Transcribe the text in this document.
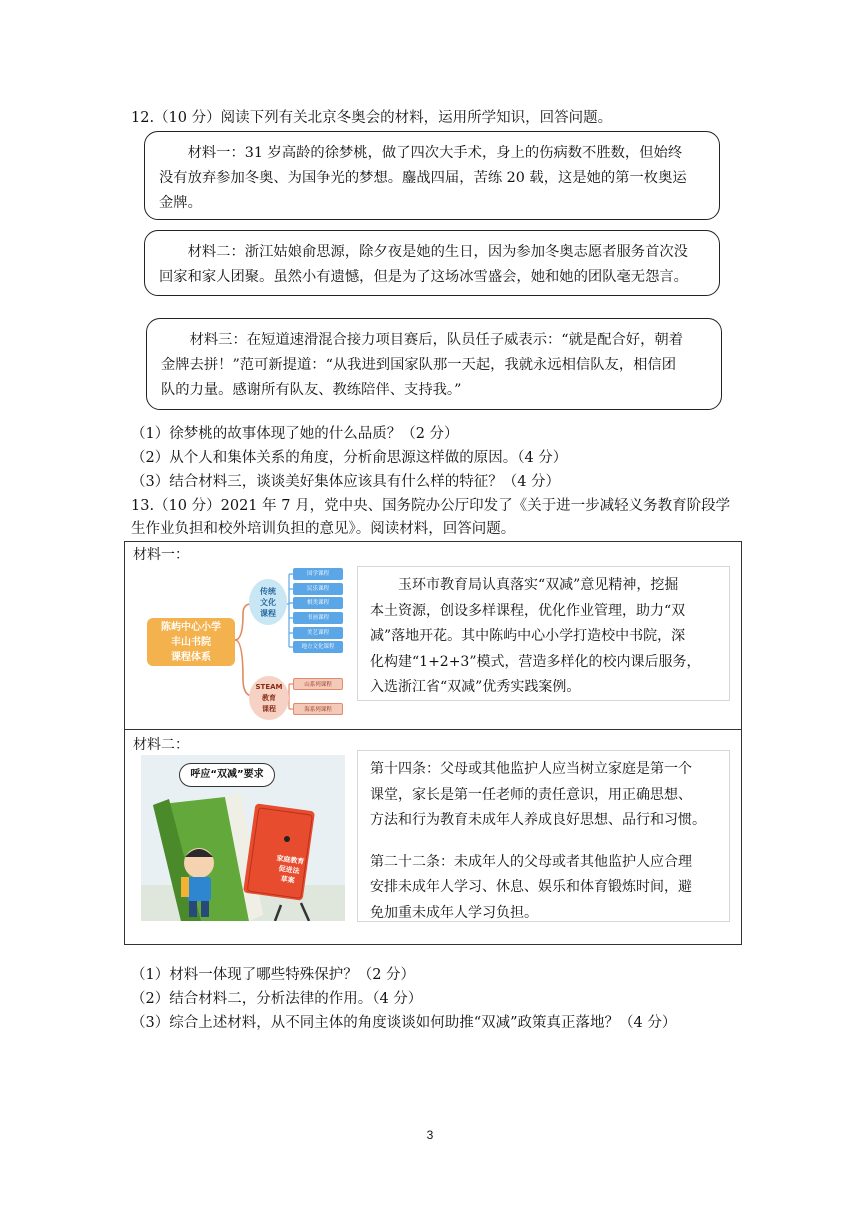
12.（10 分）阅读下列有关北京冬奥会的材料，运用所学知识，回答问题。

材料一：31 岁高龄的徐梦桃，做了四次大手术，身上的伤病数不胜数，但始终

没有放弃参加冬奥、为国争光的梦想。鏖战四届，苦练 20 载，这是她的第一枚奥运

金牌。

材料二：浙江姑娘俞思源，除夕夜是她的生日，因为参加冬奥志愿者服务首次没

回家和家人团聚。虽然小有遗憾，但是为了这场冰雪盛会，她和她的团队毫无怨言。

材料三：在短道速滑混合接力项目赛后，队员任子威表示：“就是配合好，朝着

金牌去拼！”范可新提道：“从我进到国家队那一天起，我就永远相信队友，相信团

队的力量。感谢所有队友、教练陪伴、支持我。”

（1）徐梦桃的故事体现了她的什么品质？（2 分）
（2）从个人和集体关系的角度，分析俞思源这样做的原因。（4 分）
（3）结合材料三，谈谈美好集体应该具有什么样的特征？（4 分）
13.（10 分）2021 年 7 月，党中央、国务院办公厅印发了《关于进一步减轻义务教育阶段学
生作业负担和校外培训负担的意见》。阅读材料，回答问题。
材料一：
陈屿中心小学
丰山书院
课程体系
传统
文化
课程
STEAM
教育
课程
国学课程
民乐课程
棋类课程
书画课程
美艺课程
地方文化课程
山系列课程
海系列课程

玉环市教育局认真落实“双减”意见精神，挖掘

本土资源，创设多样课程，优化作业管理，助力“双

减”落地开花。其中陈屿中心小学打造校中书院，深

化构建“1+2+3”模式，营造多样化的校内课后服务，

入选浙江省“双减”优秀实践案例。

材料二：
呼应“双减”要求
家庭教育
促进法
草案

第十四条：父母或其他监护人应当树立家庭是第一个

课堂，家长是第一任老师的责任意识，用正确思想、

方法和行为教育未成年人养成良好思想、品行和习惯。

第二十二条：未成年人的父母或者其他监护人应合理

安排未成年人学习、休息、娱乐和体育锻炼时间，避

免加重未成年人学习负担。

（1）材料一体现了哪些特殊保护？（2 分）
（2）结合材料二，分析法律的作用。（4 分）
（3）综合上述材料，从不同主体的角度谈谈如何助推“双减”政策真正落地？（4 分）
3
